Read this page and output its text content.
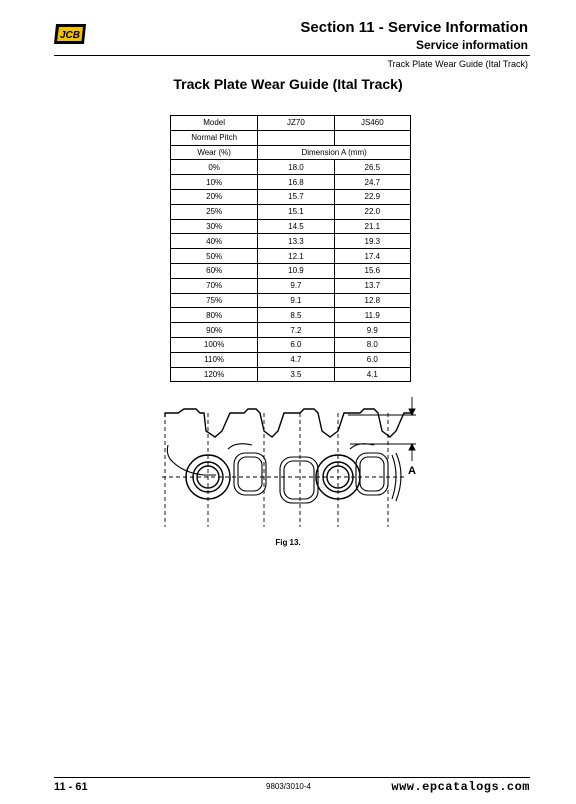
JCB	Section 11 - Service Information
Service information
Track Plate Wear Guide (Ital Track)
Track Plate Wear Guide (Ital Track)
Model	JZ70	JS460
Normal Pitch		
Wear (%)	Dimension A (mm)	
0%	18.0	26.5
10%	16.8	24.7
20%	15.7	22.9
25%	15.1	22.0
30%	14.5	21.1
40%	13.3	19.3
50%	12.1	17.4
60%	10.9	15.6
70%	9.7	13.7
75%	9.1	12.8
80%	8.5	11.9
90%	7.2	9.9
100%	6.0	8.0
110%	4.7	6.0
120%	3.5	4.1
A
Fig 13.
11 - 61	9803/3010-4	www.epcatalogs.com
